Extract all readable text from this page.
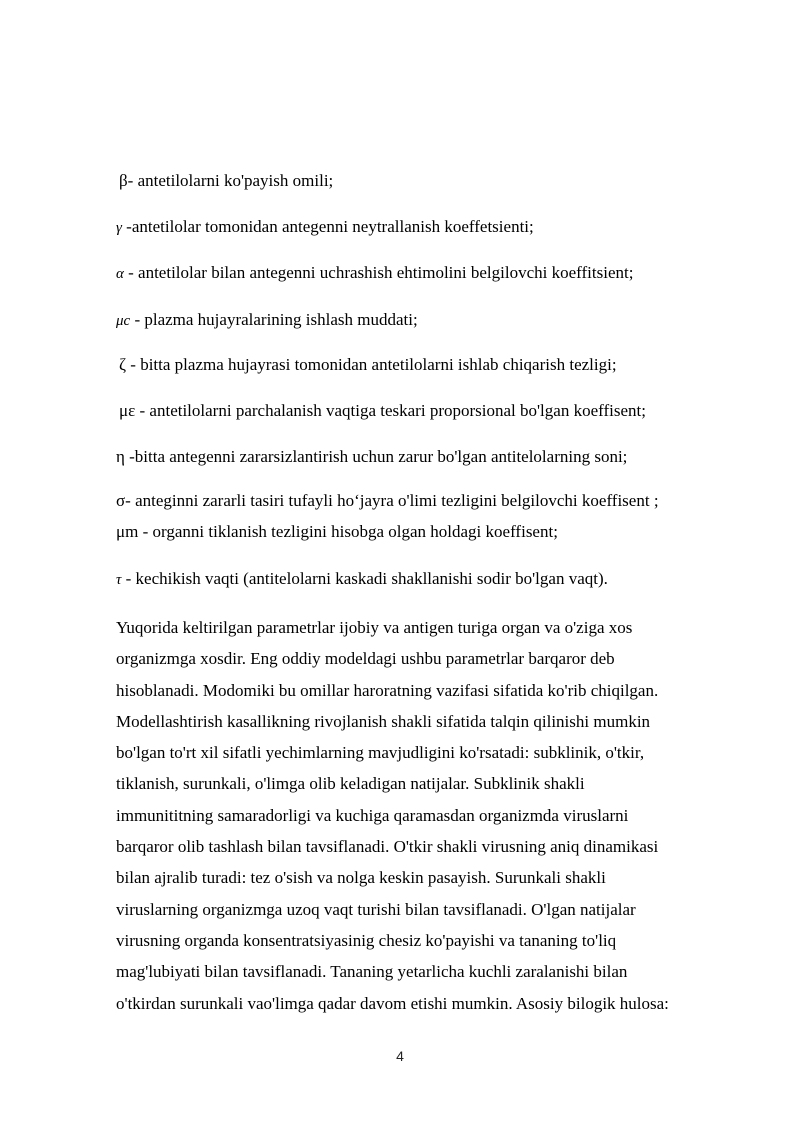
β- antetilolarni ko'payish omili;
γ -antetilolar tomonidan antegenni neytrallanish koeffetsienti;
α - antetilolar bilan antegenni uchrashish ehtimolini belgilovchi koeffitsient;
μc - plazma hujayralarining ishlash muddati;
ζ - bitta plazma hujayrasi tomonidan antetilolarni ishlab chiqarish tezligi;
με - antetilolarni parchalanish vaqtiga teskari proporsional bo'lgan koeffisent;
η -bitta antegenni zararsizlantirish uchun zarur bo'lgan antitelolarning soni;
σ- anteginni zararli tasiri tufayli ho‘jayra o'limi tezligini belgilovchi koeffisent ;
μm - organni tiklanish tezligini hisobga olgan holdagi koeffisent;
τ - kechikish vaqti (antitelolarni kaskadi shakllanishi sodir bo'lgan vaqt).

Yuqorida keltirilgan parametrlar ijobiy va antigen turiga organ va o'ziga xos
organizmga xosdir. Eng oddiy modeldagi ushbu parametrlar barqaror deb
hisoblanadi. Modomiki bu omillar haroratning vazifasi sifatida ko'rib chiqilgan.
Modellashtirish kasallikning rivojlanish shakli sifatida talqin qilinishi mumkin
bo'lgan to'rt xil sifatli yechimlarning mavjudligini ko'rsatadi: subklinik, o'tkir,
tiklanish, surunkali, o'limga olib keladigan natijalar. Subklinik shakli
immunititning samaradorligi va kuchiga qaramasdan organizmda viruslarni
barqaror olib tashlash bilan tavsiflanadi. O'tkir shakli virusning aniq dinamikasi
bilan ajralib turadi: tez o'sish va nolga keskin pasayish. Surunkali shakli
viruslarning organizmga uzoq vaqt turishi bilan tavsiflanadi. O'lgan natijalar
virusning organda konsentratsiyasinig chesiz ko'payishi va tananing to'liq
mag'lubiyati bilan tavsiflanadi. Tananing yetarlicha kuchli zaralanishi bilan
o'tkirdan surunkali vao'limga qadar davom etishi mumkin. Asosiy bilogik hulosa:

4
